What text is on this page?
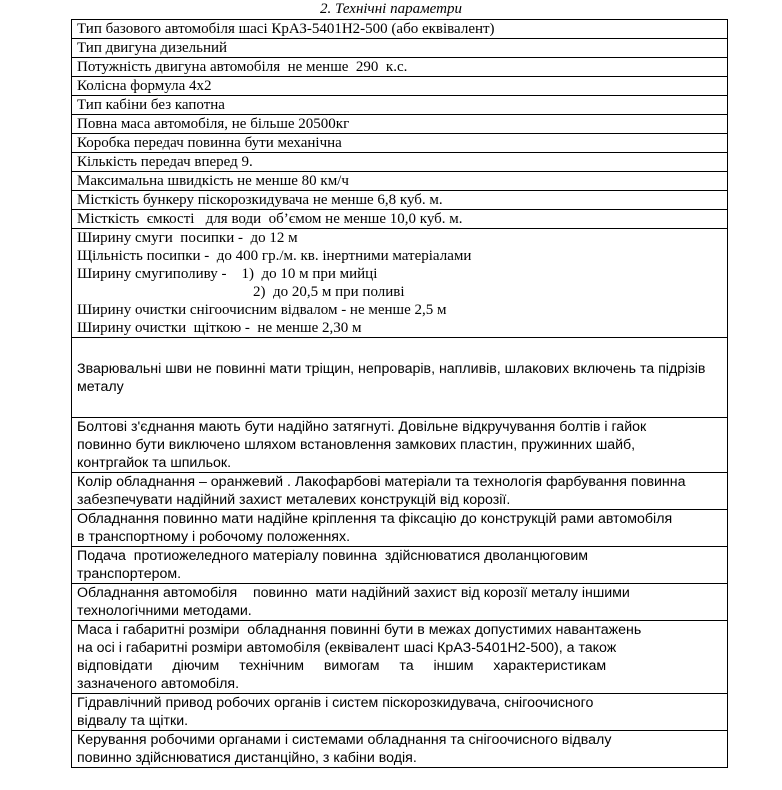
2. Технічні параметри
Тип базового автомобіля шасі КрАЗ-5401Н2-500 (або еквівалент)
Тип двигуна дизельний
Потужність двигуна автомобіля  не менше  290  к.с.
Колісна формула 4х2
Тип кабіни без капотна
Повна маса автомобіля, не більше 20500кг
Коробка передач повинна бути механічна
Кількість передач вперед 9.
Максимальна швидкість не менше 80 км/ч
Місткість бункеру піскорозкидувача не менше 6,8 куб. м.
Місткість  ємкості   для води  об’ємом не менше 10,0 куб. м.

Ширину смуги  посипки -  до 12 м
Щільність посипки -  до 400 гр./м. кв. інертними матеріалами
Ширину смугиполиву -    1)  до 10 м при мийці
2)  до 20,5 м при поливі
Ширину очистки снігоочисним відвалом - не менше 2,5 м
Ширину очистки  щіткою -  не менше 2,30 м

Зварювальні шви не повинні мати тріщин, непроварів, напливів, шлакових включень та підрізів металу

Болтові з'єднання мають бути надійно затягнуті. Довільне відкручування болтів і гайок
повинно бути виключено шляхом встановлення замкових пластин, пружинних шайб,
контргайок та шпильок.

Колір обладнання – оранжевий . Лакофарбові матеріали та технологія фарбування повинна
забезпечувати надійний захист металевих конструкцій від корозії.

Обладнання повинно мати надійне кріплення та фіксацію до конструкцій рами автомобіля
в транспортному і робочому положеннях.

Подача  протиожеледного матеріалу повинна  здійснюватися дволанцюговим
транспортером.

Обладнання автомобіля    повинно  мати надійний захист від корозії металу іншими
технологічними методами.

Маса і габаритні розміри  обладнання повинні бути в межах допустимих навантажень
на осі і габаритні розміри автомобіля (еквівалент шасі КрАЗ-5401Н2-500), а також
відповідати  діючим  технічним  вимогам  та  іншим  характеристикам
зазначеного автомобіля.

Гідравлічний привод робочих органів і систем піскорозкидувача, снігоочисного
відвалу та щітки.

Керування робочими органами і системами обладнання та снігоочисного відвалу
повинно здійснюватися дистанційно, з кабіни водія.
